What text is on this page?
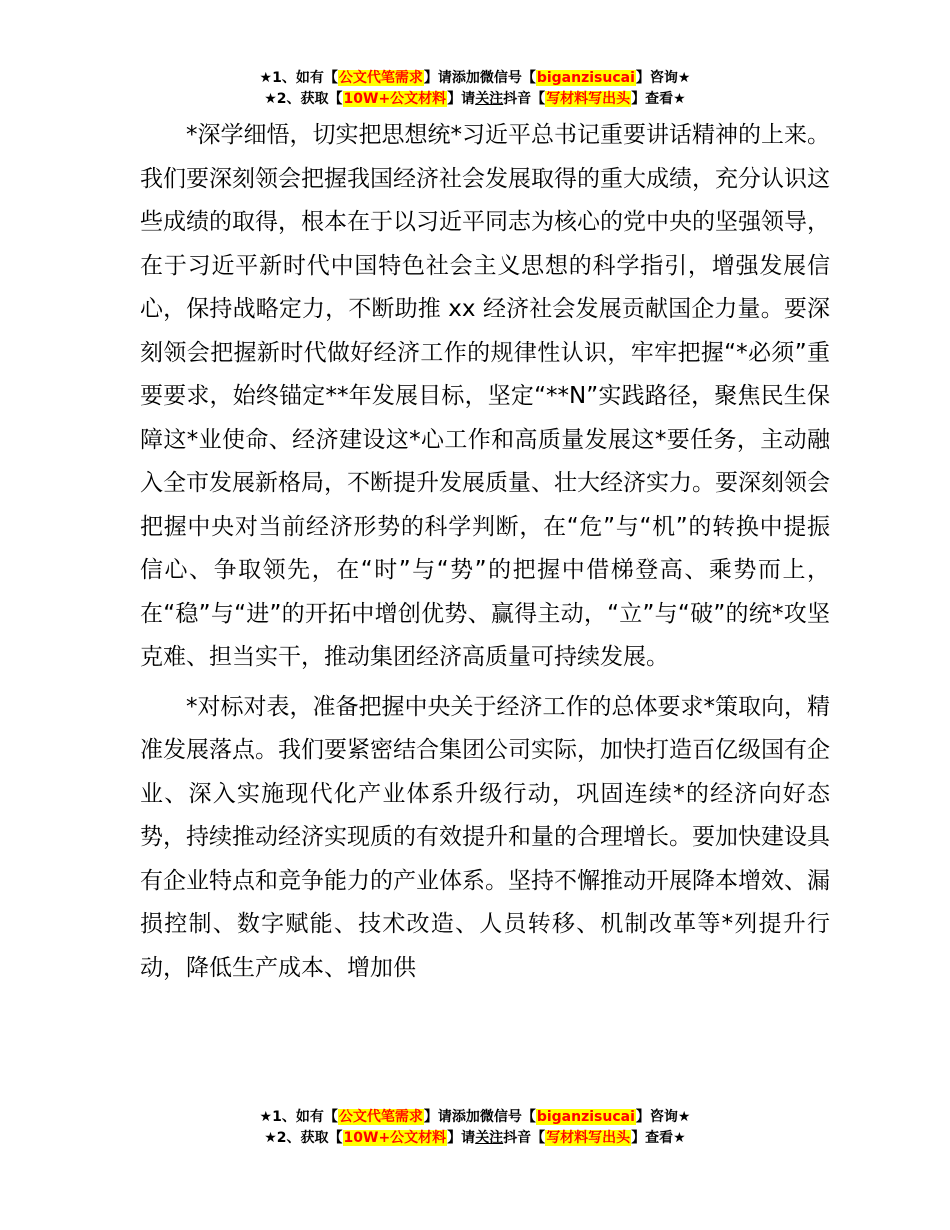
★1、如有【公文代笔需求】请添加微信号【biganzisucai】咨询★
★2、获取【10W+公文材料】请关注抖音【写材料写出头】查看★

*深学细悟，切实把思想统*习近平总书记重要讲话精神的上来。我们要深刻领会把握我国经济社会发展取得的重大成绩，充分认识这些成绩的取得，根本在于以习近平同志为核心的党中央的坚强领导，在于习近平新时代中国特色社会主义思想的科学指引，增强发展信心，保持战略定力，不断助推 xx 经济社会发展贡献国企力量。要深刻领会把握新时代做好经济工作的规律性认识，牢牢把握“*必须”重要要求，始终锚定**年发展目标，坚定“**N”实践路径，聚焦民生保障这*业使命、经济建设这*心工作和高质量发展这*要任务，主动融入全市发展新格局，不断提升发展质量、壮大经济实力。要深刻领会把握中央对当前经济形势的科学判断，在“危”与“机”的转换中提振信心、争取领先，在“时”与“势”的把握中借梯登高、乘势而上，在“稳”与“进”的开拓中增创优势、赢得主动，“立”与“破”的统*攻坚克难、担当实干，推动集团经济高质量可持续发展。

*对标对表，准备把握中央关于经济工作的总体要求*策取向，精准发展落点。我们要紧密结合集团公司实际，加快打造百亿级国有企业、深入实施现代化产业体系升级行动，巩固连续*的经济向好态势，持续推动经济实现质的有效提升和量的合理增长。要加快建设具有企业特点和竞争能力的产业体系。坚持不懈推动开展降本增效、漏损控制、数字赋能、技术改造、人员转移、机制改革等*列提升行动，降低生产成本、增加供

★1、如有【公文代笔需求】请添加微信号【biganzisucai】咨询★
★2、获取【10W+公文材料】请关注抖音【写材料写出头】查看★
